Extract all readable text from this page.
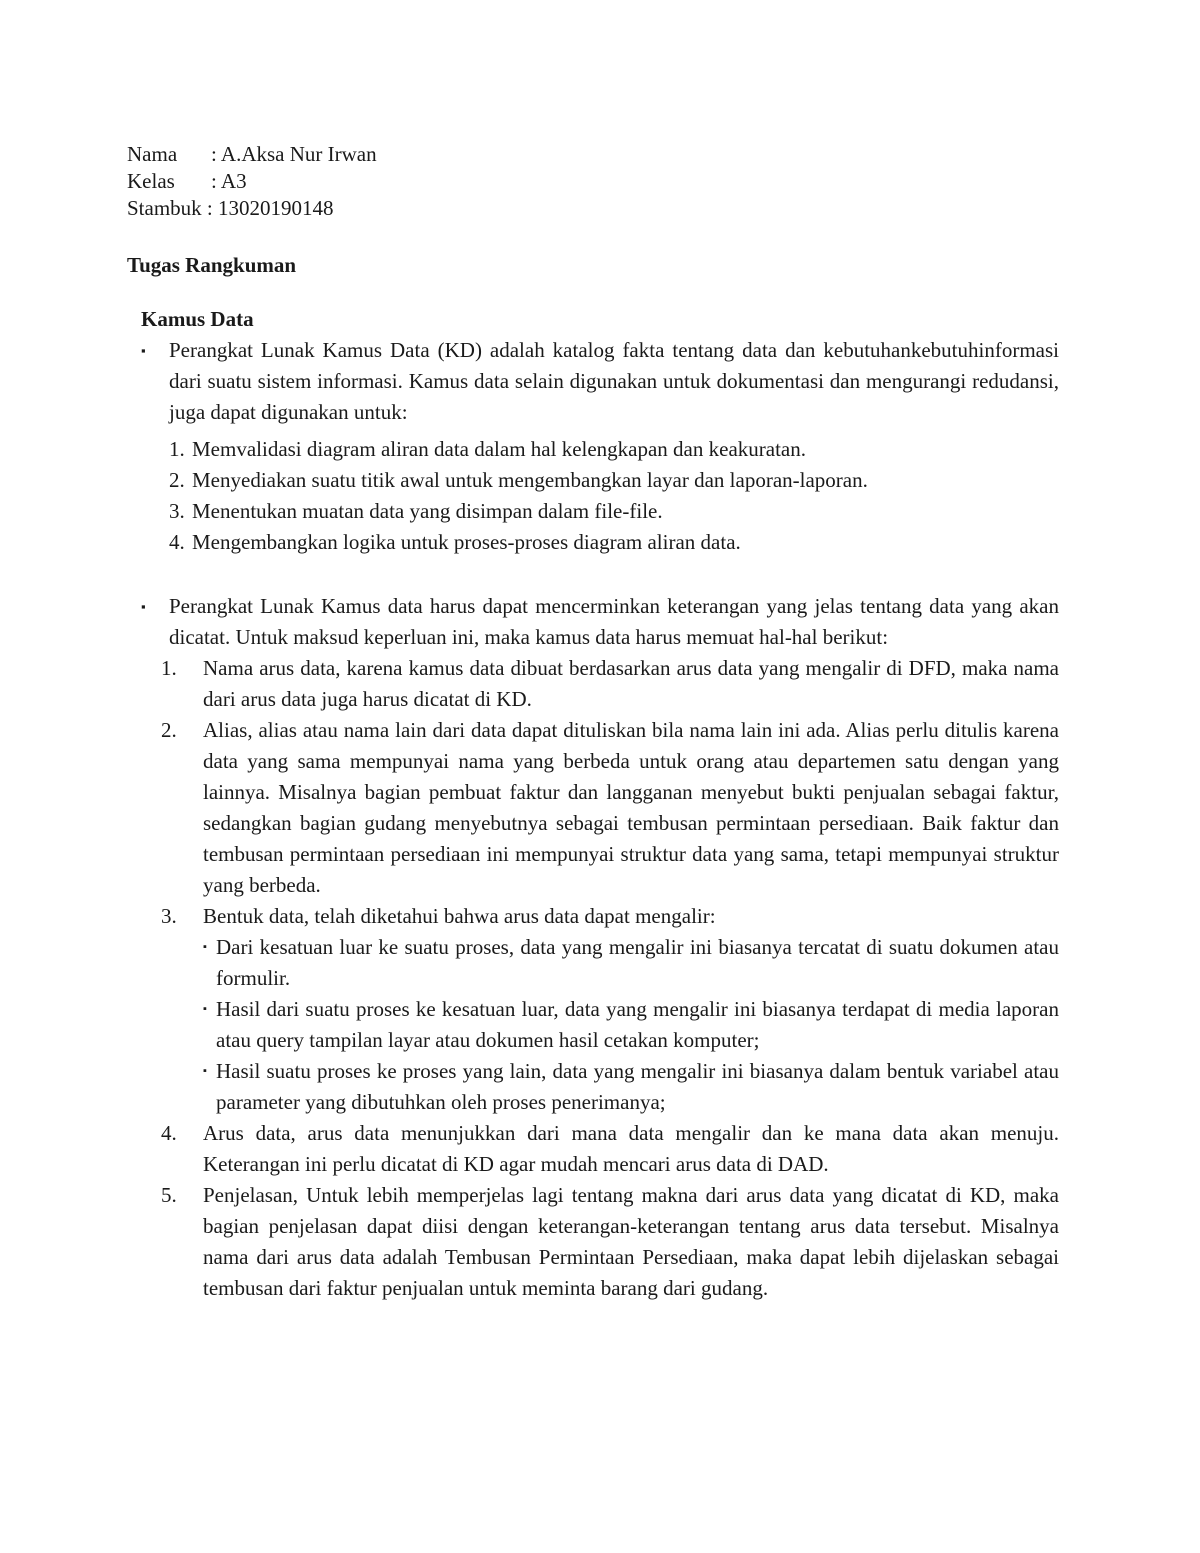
Nama	: A.Aksa Nur Irwan
Kelas	: A3
Stambuk : 13020190148
Tugas Rangkuman
Kamus Data
▪	Perangkat Lunak Kamus Data (KD) adalah katalog fakta tentang data dan kebutuhankebutuhinformasi dari suatu sistem informasi. Kamus data selain digunakan untuk dokumentasi dan mengurangi redudansi, juga dapat digunakan untuk:
1. Memvalidasi diagram aliran data dalam hal kelengkapan dan keakuratan.
2. Menyediakan suatu titik awal untuk mengembangkan layar dan laporan-laporan.
3. Menentukan muatan data yang disimpan dalam file-file.
4. Mengembangkan logika untuk proses-proses diagram aliran data.
▪	Perangkat Lunak Kamus data harus dapat mencerminkan keterangan yang jelas tentang data yang akan dicatat. Untuk maksud keperluan ini, maka kamus data harus memuat hal-hal berikut:
1.	Nama arus data, karena kamus data dibuat berdasarkan arus data yang mengalir di DFD, maka nama dari arus data juga harus dicatat di KD.
2.	Alias, alias atau nama lain dari data dapat dituliskan bila nama lain ini ada. Alias perlu ditulis karena data yang sama mempunyai nama yang berbeda untuk orang atau departemen satu dengan yang lainnya. Misalnya bagian pembuat faktur dan langganan menyebut bukti penjualan sebagai faktur, sedangkan bagian gudang menyebutnya sebagai tembusan permintaan persediaan. Baik faktur dan tembusan permintaan persediaan ini mempunyai struktur data yang sama, tetapi mempunyai struktur yang berbeda.
3.	Bentuk data, telah diketahui bahwa arus data dapat mengalir:
▪ Dari kesatuan luar ke suatu proses, data yang mengalir ini biasanya tercatat di suatu dokumen atau formulir.
▪ Hasil dari suatu proses ke kesatuan luar, data yang mengalir ini biasanya terdapat di media laporan atau query tampilan layar atau dokumen hasil cetakan komputer;
▪ Hasil suatu proses ke proses yang lain, data yang mengalir ini biasanya dalam bentuk variabel atau parameter yang dibutuhkan oleh proses penerimanya;
4.	Arus data, arus data menunjukkan dari mana data mengalir dan ke mana data akan menuju. Keterangan ini perlu dicatat di KD agar mudah mencari arus data di DAD.
5.	Penjelasan, Untuk lebih memperjelas lagi tentang makna dari arus data yang dicatat di KD, maka bagian penjelasan dapat diisi dengan keterangan-keterangan tentang arus data tersebut. Misalnya nama dari arus data adalah Tembusan Permintaan Persediaan, maka dapat lebih dijelaskan sebagai tembusan dari faktur penjualan untuk meminta barang dari gudang.
